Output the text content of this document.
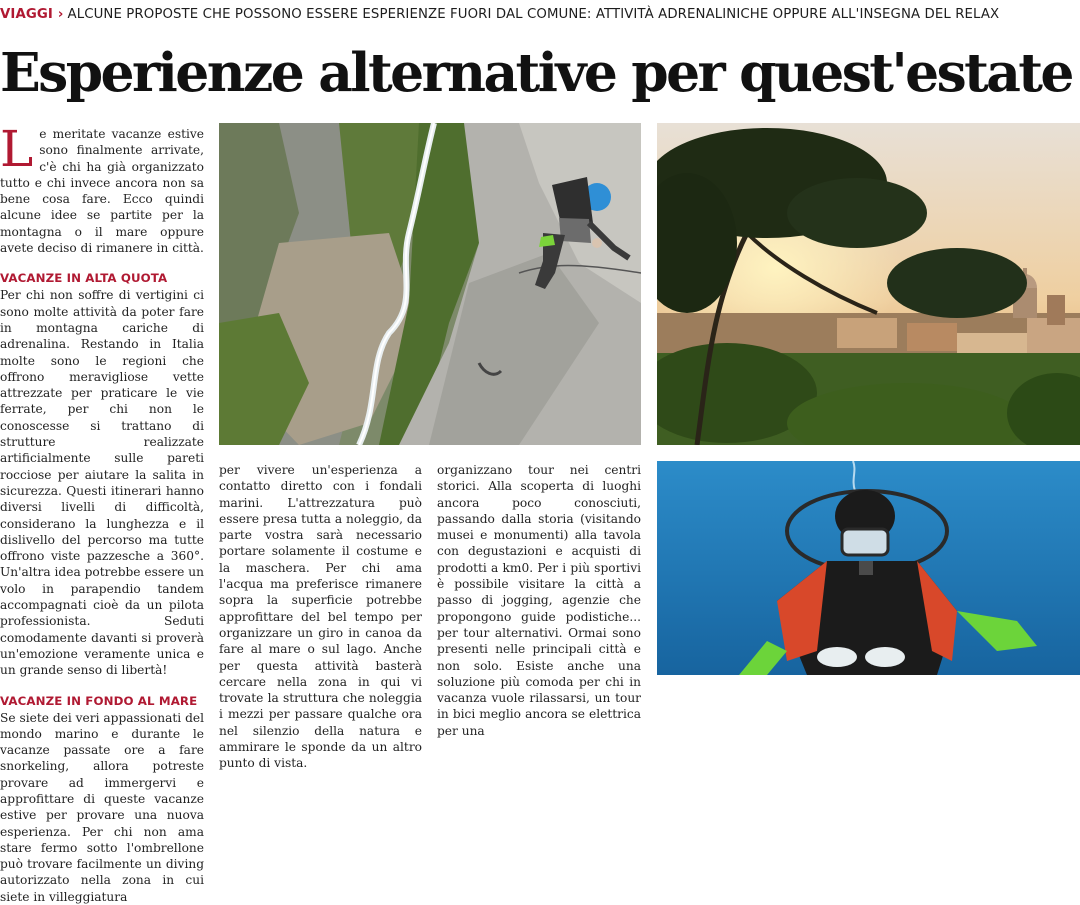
VIAGGI › ALCUNE PROPOSTE CHE POSSONO ESSERE ESPERIENZE FUORI DAL COMUNE: ATTIVITÀ ADRENALINICHE OPPURE ALL'INSEGNA DEL RELAX
Esperienze alternative per quest'estate

Le meritate vacanze estive sono finalmente arrivate, c'è chi ha già organizzato tutto e chi invece ancora non sa bene cosa fare. Ecco quindi alcune idee se partite per la montagna o il mare oppure avete deciso di rimanere in città.

VACANZE IN ALTA QUOTA

Per chi non soffre di vertigini ci sono molte attività da poter fare in montagna cariche di adrenalina. Restando in Italia molte sono le regioni che offrono meravigliose vette attrezzate per praticare le vie ferrate, per chi non le conoscesse si trattano di strutture realizzate artificialmente sulle pareti rocciose per aiutare la salita in sicurezza. Questi itinerari hanno diversi livelli di difficoltà, considerano la lunghezza e il dislivello del percorso ma tutte offrono viste pazzesche a 360°. Un'altra idea potrebbe essere un volo in parapendio tandem accompagnati cioè da un pilota professionista. Seduti comodamente davanti si proverà un'emozione veramente unica e un grande senso di libertà!

VACANZE IN FONDO AL MARE

Se siete dei veri appassionati del mondo marino e durante le vacanze passate ore a fare snorkeling, allora potreste provare ad immergervi e approfittare di queste vacanze estive per provare una nuova esperienza. Per chi non ama stare fermo sotto l'ombrellone può trovare facilmente un diving autorizzato nella zona in cui siete in villeggiatura

per vivere un'esperienza a contatto diretto con i fondali marini. L'attrezzatura può essere presa tutta a noleggio, da parte vostra sarà necessario portare solamente il costume e la maschera. Per chi ama l'acqua ma preferisce rimanere sopra la superficie potrebbe approfittare del bel tempo per organizzare un giro in canoa da fare al mare o sul lago. Anche per questa attività basterà cercare nella zona in qui vi trovate la struttura che noleggia i mezzi per passare qualche ora nel silenzio della natura e ammirare le sponde da un altro punto di vista.

organizzano tour nei centri storici. Alla scoperta di luoghi ancora poco conosciuti, passando dalla storia (visitando musei e monumenti) alla tavola con degustazioni e acquisti di prodotti a km0. Per i più sportivi è possibile visitare la città a passo di jogging, agenzie che propongono guide podistiche... per tour alternativi. Ormai sono presenti nelle principali città e non solo. Esiste anche una soluzione più comoda per chi in vacanza vuole rilassarsi, un tour in bici meglio ancora se elettrica per una
